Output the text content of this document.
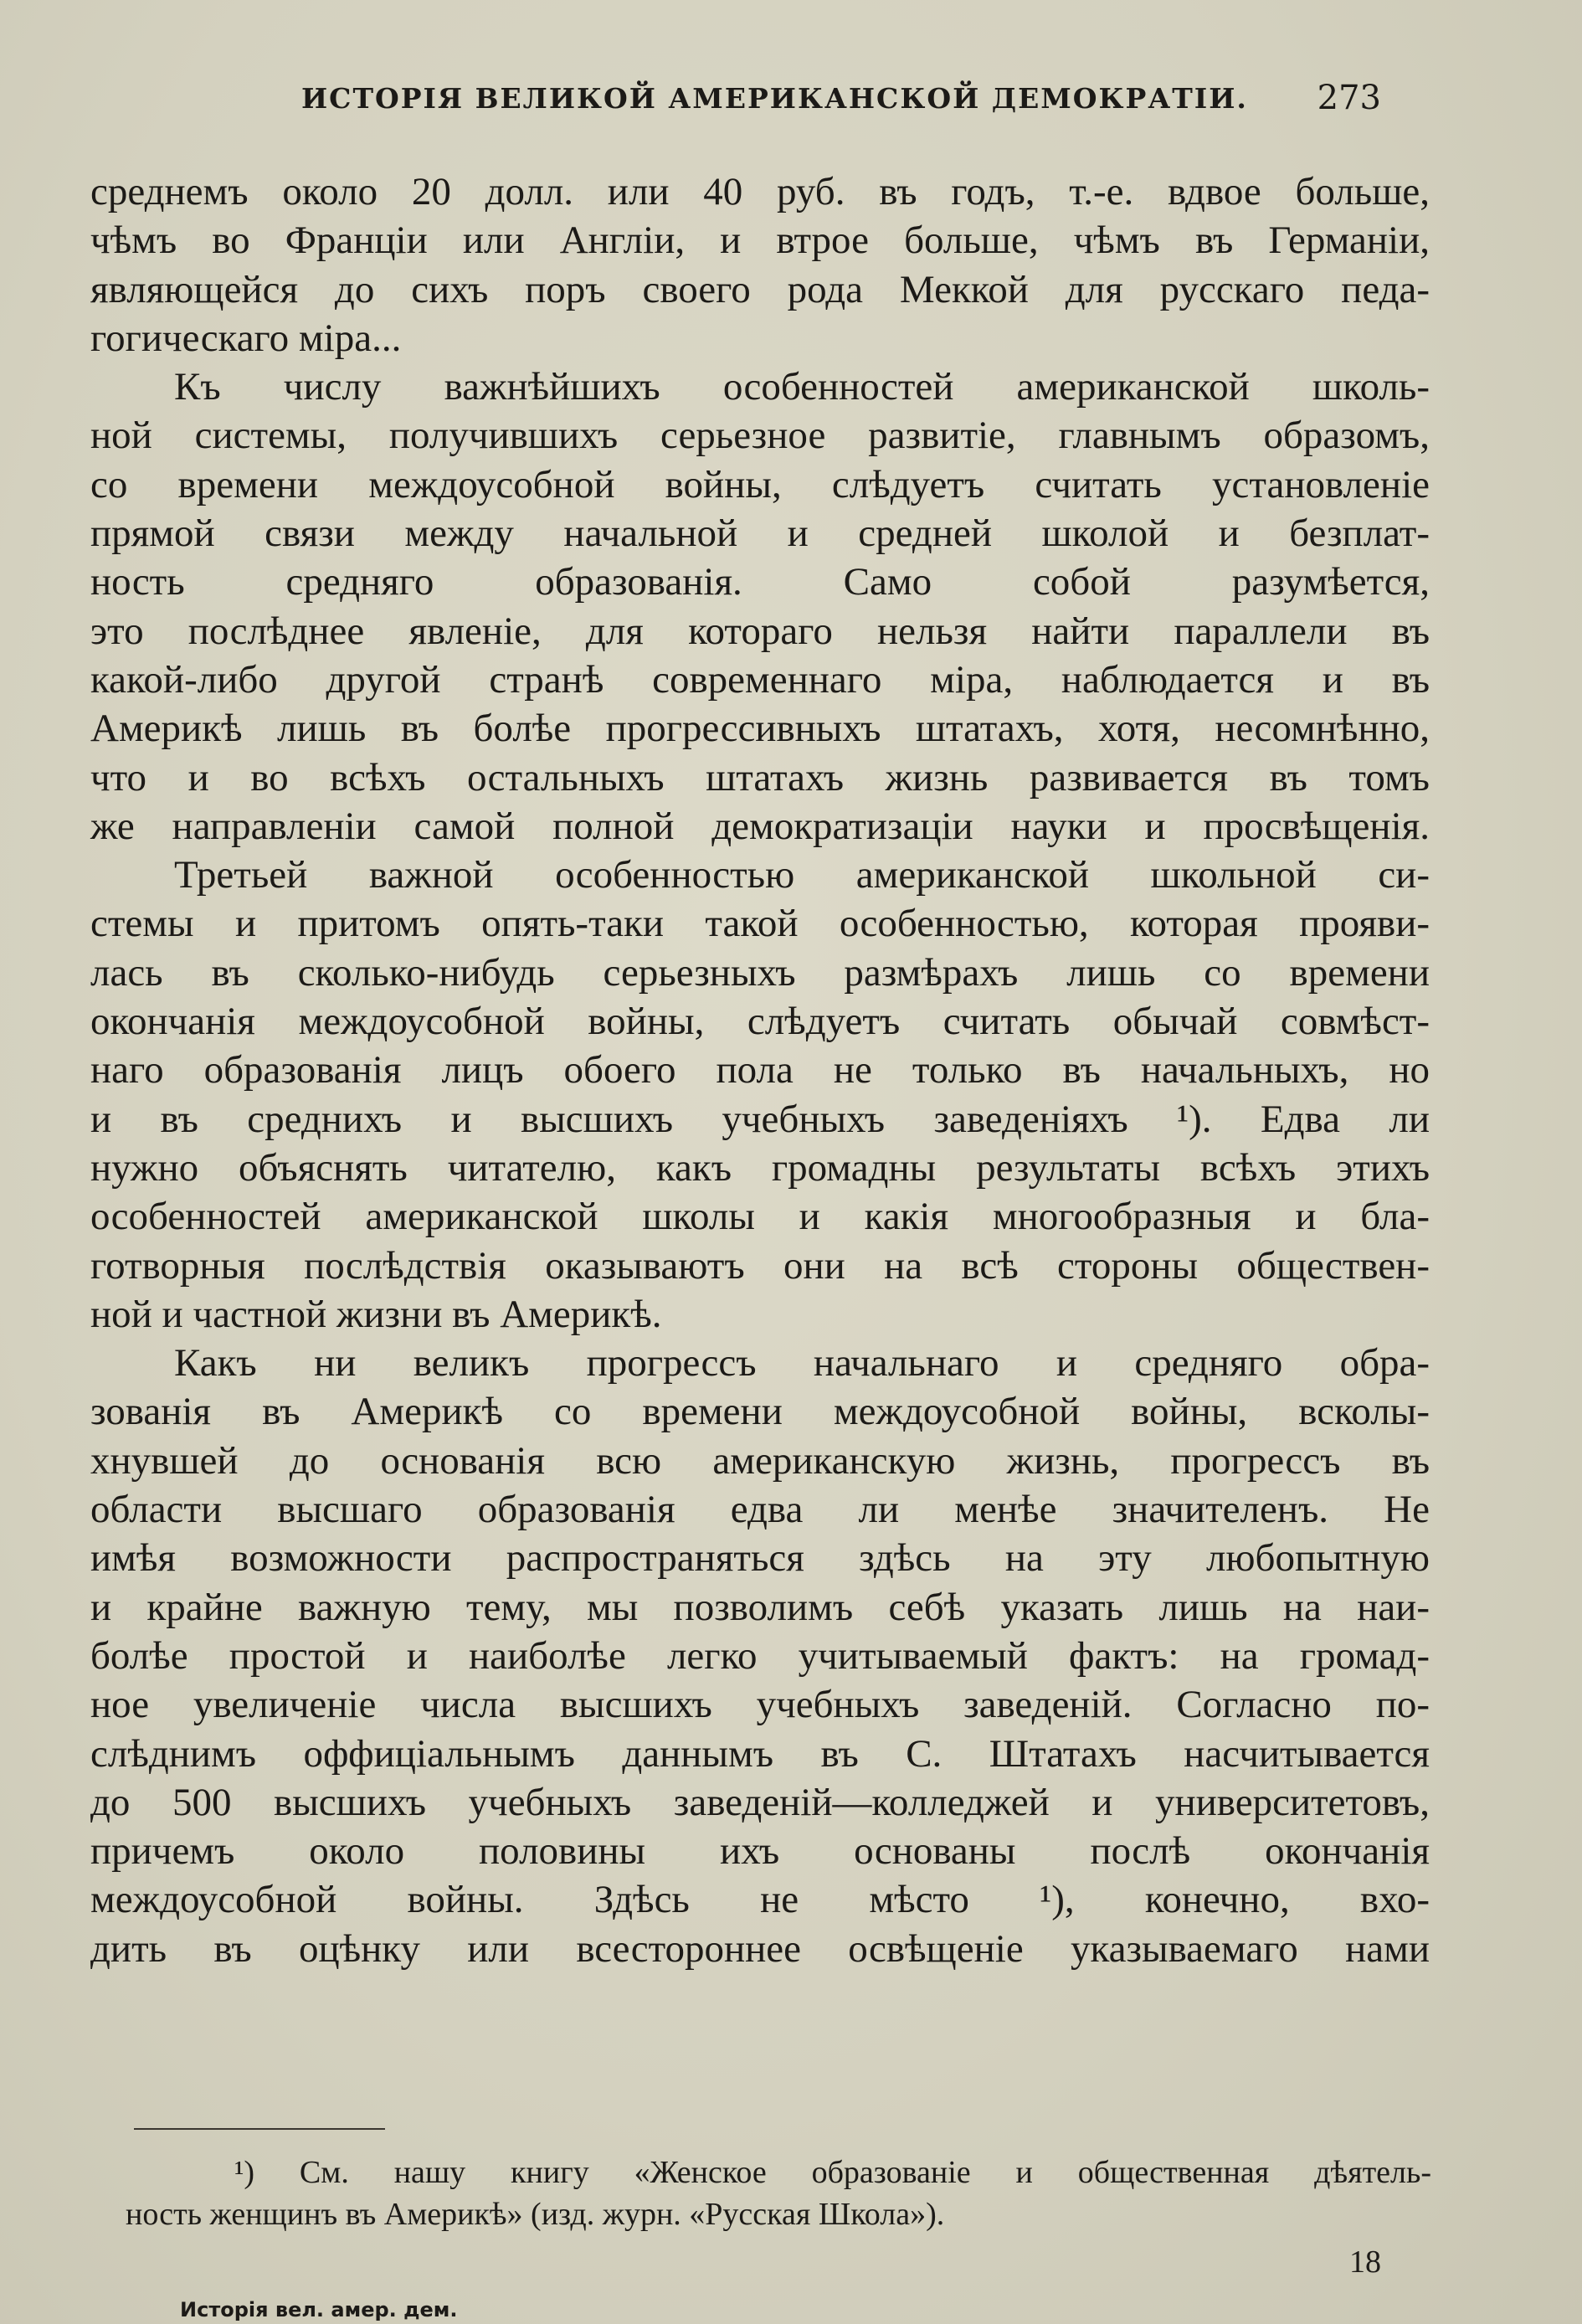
ИСТОРІЯ ВЕЛИКОЙ АМЕРИКАНСКОЙ ДЕМОКРАТІИ. 273
среднемъ около 20 долл. или 40 руб. въ годъ, т.-е. вдвое больше,
чѣмъ во Франціи или Англіи, и втрое больше, чѣмъ въ Германіи,
являющейся до сихъ поръ своего рода Меккой для русскаго педа-
гогическаго міра...
Къ числу важнѣйшихъ особенностей американской школь-
ной системы, получившихъ серьезное развитіе, главнымъ образомъ,
со времени междоусобной войны, слѣдуетъ считать установленіе
прямой связи между начальной и средней школой и безплат-
ность средняго образованія. Само собой разумѣется,
это послѣднее явленіе, для котораго нельзя найти параллели въ
какой-либо другой странѣ современнаго міра, наблюдается и въ
Америкѣ лишь въ болѣе прогрессивныхъ штатахъ, хотя, несомнѣнно,
что и во всѣхъ остальныхъ штатахъ жизнь развивается въ томъ
же направленіи самой полной демократизаціи науки и просвѣщенія.
Третьей важной особенностью американской школьной си-
стемы и притомъ опять-таки такой особенностью, которая прояви-
лась въ сколько-нибудь серьезныхъ размѣрахъ лишь со времени
окончанія междоусобной войны, слѣдуетъ считать обычай совмѣст-
наго образованія лицъ обоего пола не только въ начальныхъ, но
и въ среднихъ и высшихъ учебныхъ заведеніяхъ ¹). Едва ли
нужно объяснять читателю, какъ громадны результаты всѣхъ этихъ
особенностей американской школы и какія многообразныя и бла-
готворныя послѣдствія оказываютъ они на всѣ стороны обществен-
ной и частной жизни въ Америкѣ.
Какъ ни великъ прогрессъ начальнаго и средняго обра-
зованія въ Америкѣ со времени междоусобной войны, всколы-
хнувшей до основанія всю американскую жизнь, прогрессъ въ
области высшаго образованія едва ли менѣе значителенъ. Не
имѣя возможности распространяться здѣсь на эту любопытную
и крайне важную тему, мы позволимъ себѣ указать лишь на наи-
болѣе простой и наиболѣе легко учитываемый фактъ: на громад-
ное увеличеніе числа высшихъ учебныхъ заведеній. Согласно по-
слѣднимъ оффиціальнымъ даннымъ въ С. Штатахъ насчитывается
до 500 высшихъ учебныхъ заведеній—колледжей и университетовъ,
причемъ около половины ихъ основаны послѣ окончанія
междоусобной войны. Здѣсь не мѣсто ¹), конечно, вхо-
дить въ оцѣнку или всестороннее освѣщеніе указываемаго нами
¹) См. нашу книгу «Женское образованіе и общественная дѣятель-
ность женщинъ въ Америкѣ» (изд. журн. «Русская Школа»).
18
Исторія вел. амер. дем.
